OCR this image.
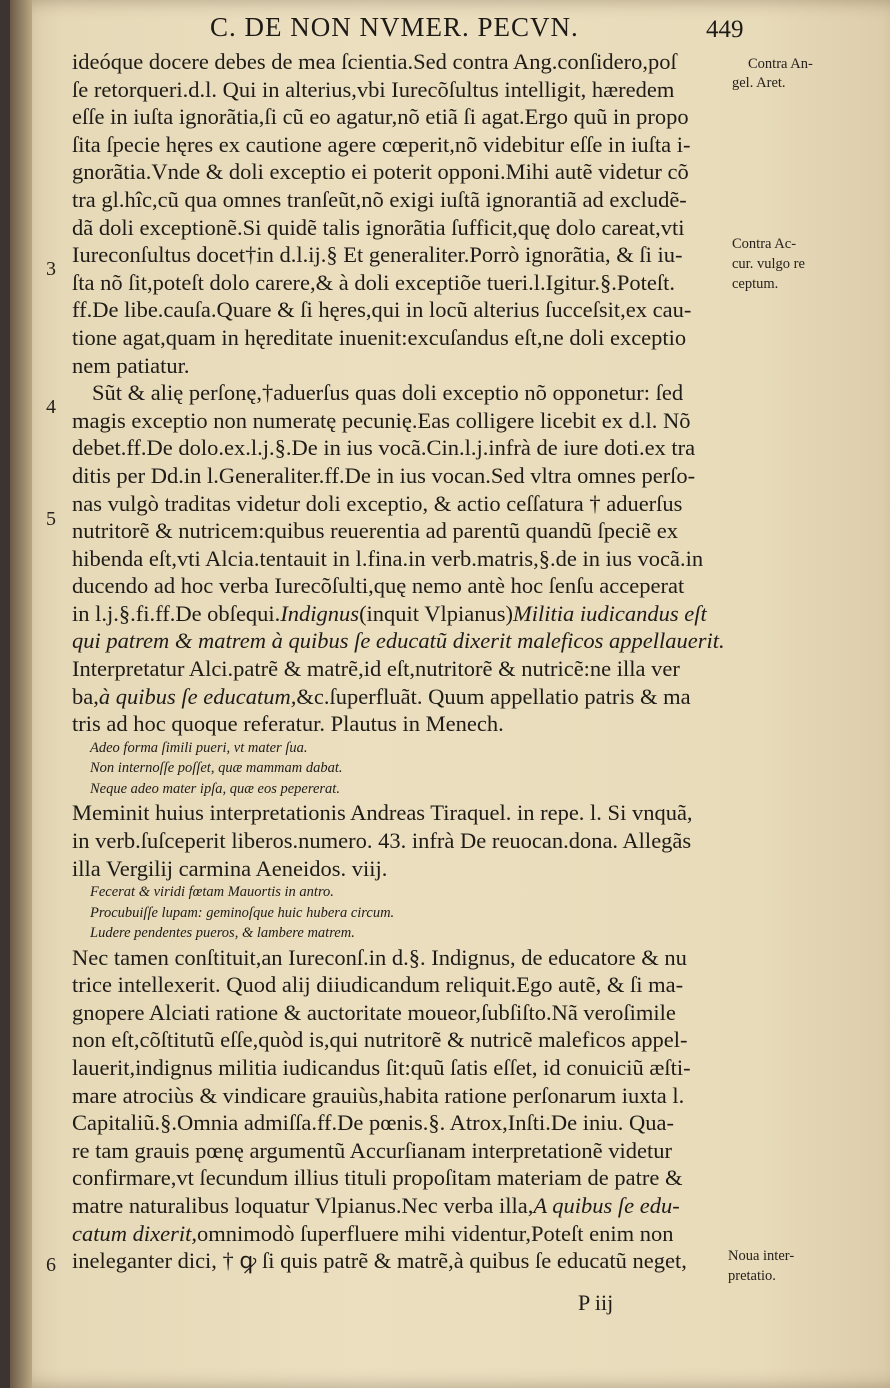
C. DE NON NVMER. PECVN.	449
ideóque docere debes de mea ſcientia.Sed contra Ang.conſidero,poſ
ſe retorqueri.d.l. Qui in alterius,vbi Iurecõſultus intelligit, hæredem
eſſe in iuſta ignorãtia,ſi cũ eo agatur,nõ etiã ſi agat.Ergo quũ in propo
ſita ſpecie hęres ex cautione agere cœperit,nõ videbitur eſſe in iuſta i-
gnorãtia.Vnde & doli exceptio ei poterit opponi.Mihi autẽ videtur cõ
tra gl.hîc,cũ qua omnes tranſeũt,nõ exigi iuſtã ignorantiã ad excludẽ-
dã doli exceptionẽ.Si quidẽ talis ignorãtia ſufficit,quę dolo careat,vti
Iureconſultus docet†in d.l.ij.§ Et generaliter.Porrò ignorãtia, & ſi iu-
ſta nõ ſit,poteſt dolo carere,& à doli exceptiõe tueri.l.Igitur.§.Poteſt.
ff.De libe.cauſa.Quare & ſi hęres,qui in locũ alterius ſucceſsit,ex cau-
tione agat,quam in hęreditate inuenit:excuſandus eſt,ne doli exceptio
nem patiatur.
Sũt & alię perſonę,†aduerſus quas doli exceptio nõ opponetur: ſed
magis exceptio non numeratę pecunię.Eas colligere licebit ex d.l. Nõ
debet.ff.De dolo.ex.l.j.§.De in ius vocã.Cin.l.j.infrà de iure doti.ex tra
ditis per Dd.in l.Generaliter.ff.De in ius vocan.Sed vltra omnes perſo-
nas vulgò traditas videtur doli exceptio, & actio ceſſatura † aduerſus
nutritorẽ & nutricem:quibus reuerentia ad parentũ quandũ ſpeciẽ ex
hibenda eſt,vti Alcia.tentauit in l.fina.in verb.matris,§.de in ius vocã.in
ducendo ad hoc verba Iurecõſulti,quę nemo antè hoc ſenſu acceperat
in l.j.§.fi.ff.De obſequi.Indignus(inquit Vlpianus)Militia iudicandus eſt
qui patrem & matrem à quibus ſe educatũ dixerit maleficos appellauerit.
Interpretatur Alci.patrẽ & matrẽ,id eſt,nutritorẽ & nutricẽ:ne illa ver
ba,à quibus ſe educatum,&c.ſuperfluãt. Quum appellatio patris & ma
tris ad hoc quoque referatur. Plautus in Menech.
Adeo forma ſimili pueri, vt mater ſua.
Non internoſſe poſſet, quæ mammam dabat.
Neque adeo mater ipſa, quæ eos pepererat.
Meminit huius interpretationis Andreas Tiraquel. in repe. l. Si vnquã,
in verb.ſuſceperit liberos.numero. 43. infrà De reuocan.dona. Allegãs
illa Vergilij carmina Aeneidos. viij.
Fecerat & viridi fœtam Mauortis in antro.
Procubuiſſe lupam: geminoſque huic hubera circum.
Ludere pendentes pueros, & lambere matrem.
Nec tamen conſtituit,an Iureconſ.in d.§. Indignus, de educatore & nu
trice intellexerit. Quod alij diiudicandum reliquit.Ego autẽ, & ſi ma-
gnopere Alciati ratione & auctoritate moueor,ſubſiſto.Nã veroſimile
non eſt,cõſtitutũ eſſe,quòd is,qui nutritorẽ & nutricẽ maleficos appel-
lauerit,indignus militia iudicandus ſit:quũ ſatis eſſet, id conuiciũ æſti-
mare atrociùs & vindicare grauiùs,habita ratione perſonarum iuxta l.
Capitaliũ.§.Omnia admiſſa.ff.De pœnis.§. Atrox,Inſti.De iniu. Qua-
re tam grauis pœnę argumentũ Accurſianam interpretationẽ videtur
confirmare,vt ſecundum illius tituli propoſitam materiam de patre &
matre naturalibus loquatur Vlpianus.Nec verba illa,A quibus ſe edu-
catum dixerit,omnimodò ſuperfluere mihi videntur,Poteſt enim non
ineleganter dici, † ꝙ ſi quis patrẽ & matrẽ,à quibus ſe educatũ neget,
3
4
5
6
Contra An-
gel. Aret.
Contra Ac-
cur. vulgo re
ceptum.
Noua inter-
pretatio.
P iij
